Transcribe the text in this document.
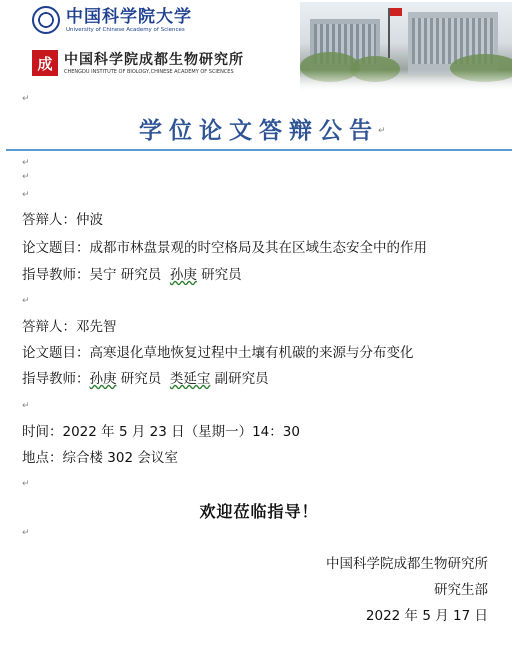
中国科学院大学
University of Chinese Academy of Sciences
成 中国科学院成都生物研究所
CHENGDU INSTITUTE OF BIOLOGY,CHINESE ACADEMY OF SCIENCES
↵
学位论文答辩公告 ↵
↵
↵
↵
答辩人：仲波
论文题目：成都市林盘景观的时空格局及其在区域生态安全中的作用
指导教师：吴宁 研究员 孙庚 研究员
↵
答辩人：邓先智
论文题目：高寒退化草地恢复过程中土壤有机碳的来源与分布变化
指导教师：孙庚 研究员  类延宝 副研究员
↵
时间：2022 年 5 月 23 日（星期一）14：30
地点：综合楼 302 会议室
↵
欢迎莅临指导！
↵
中国科学院成都生物研究所
研究生部
2022 年 5 月 17 日
